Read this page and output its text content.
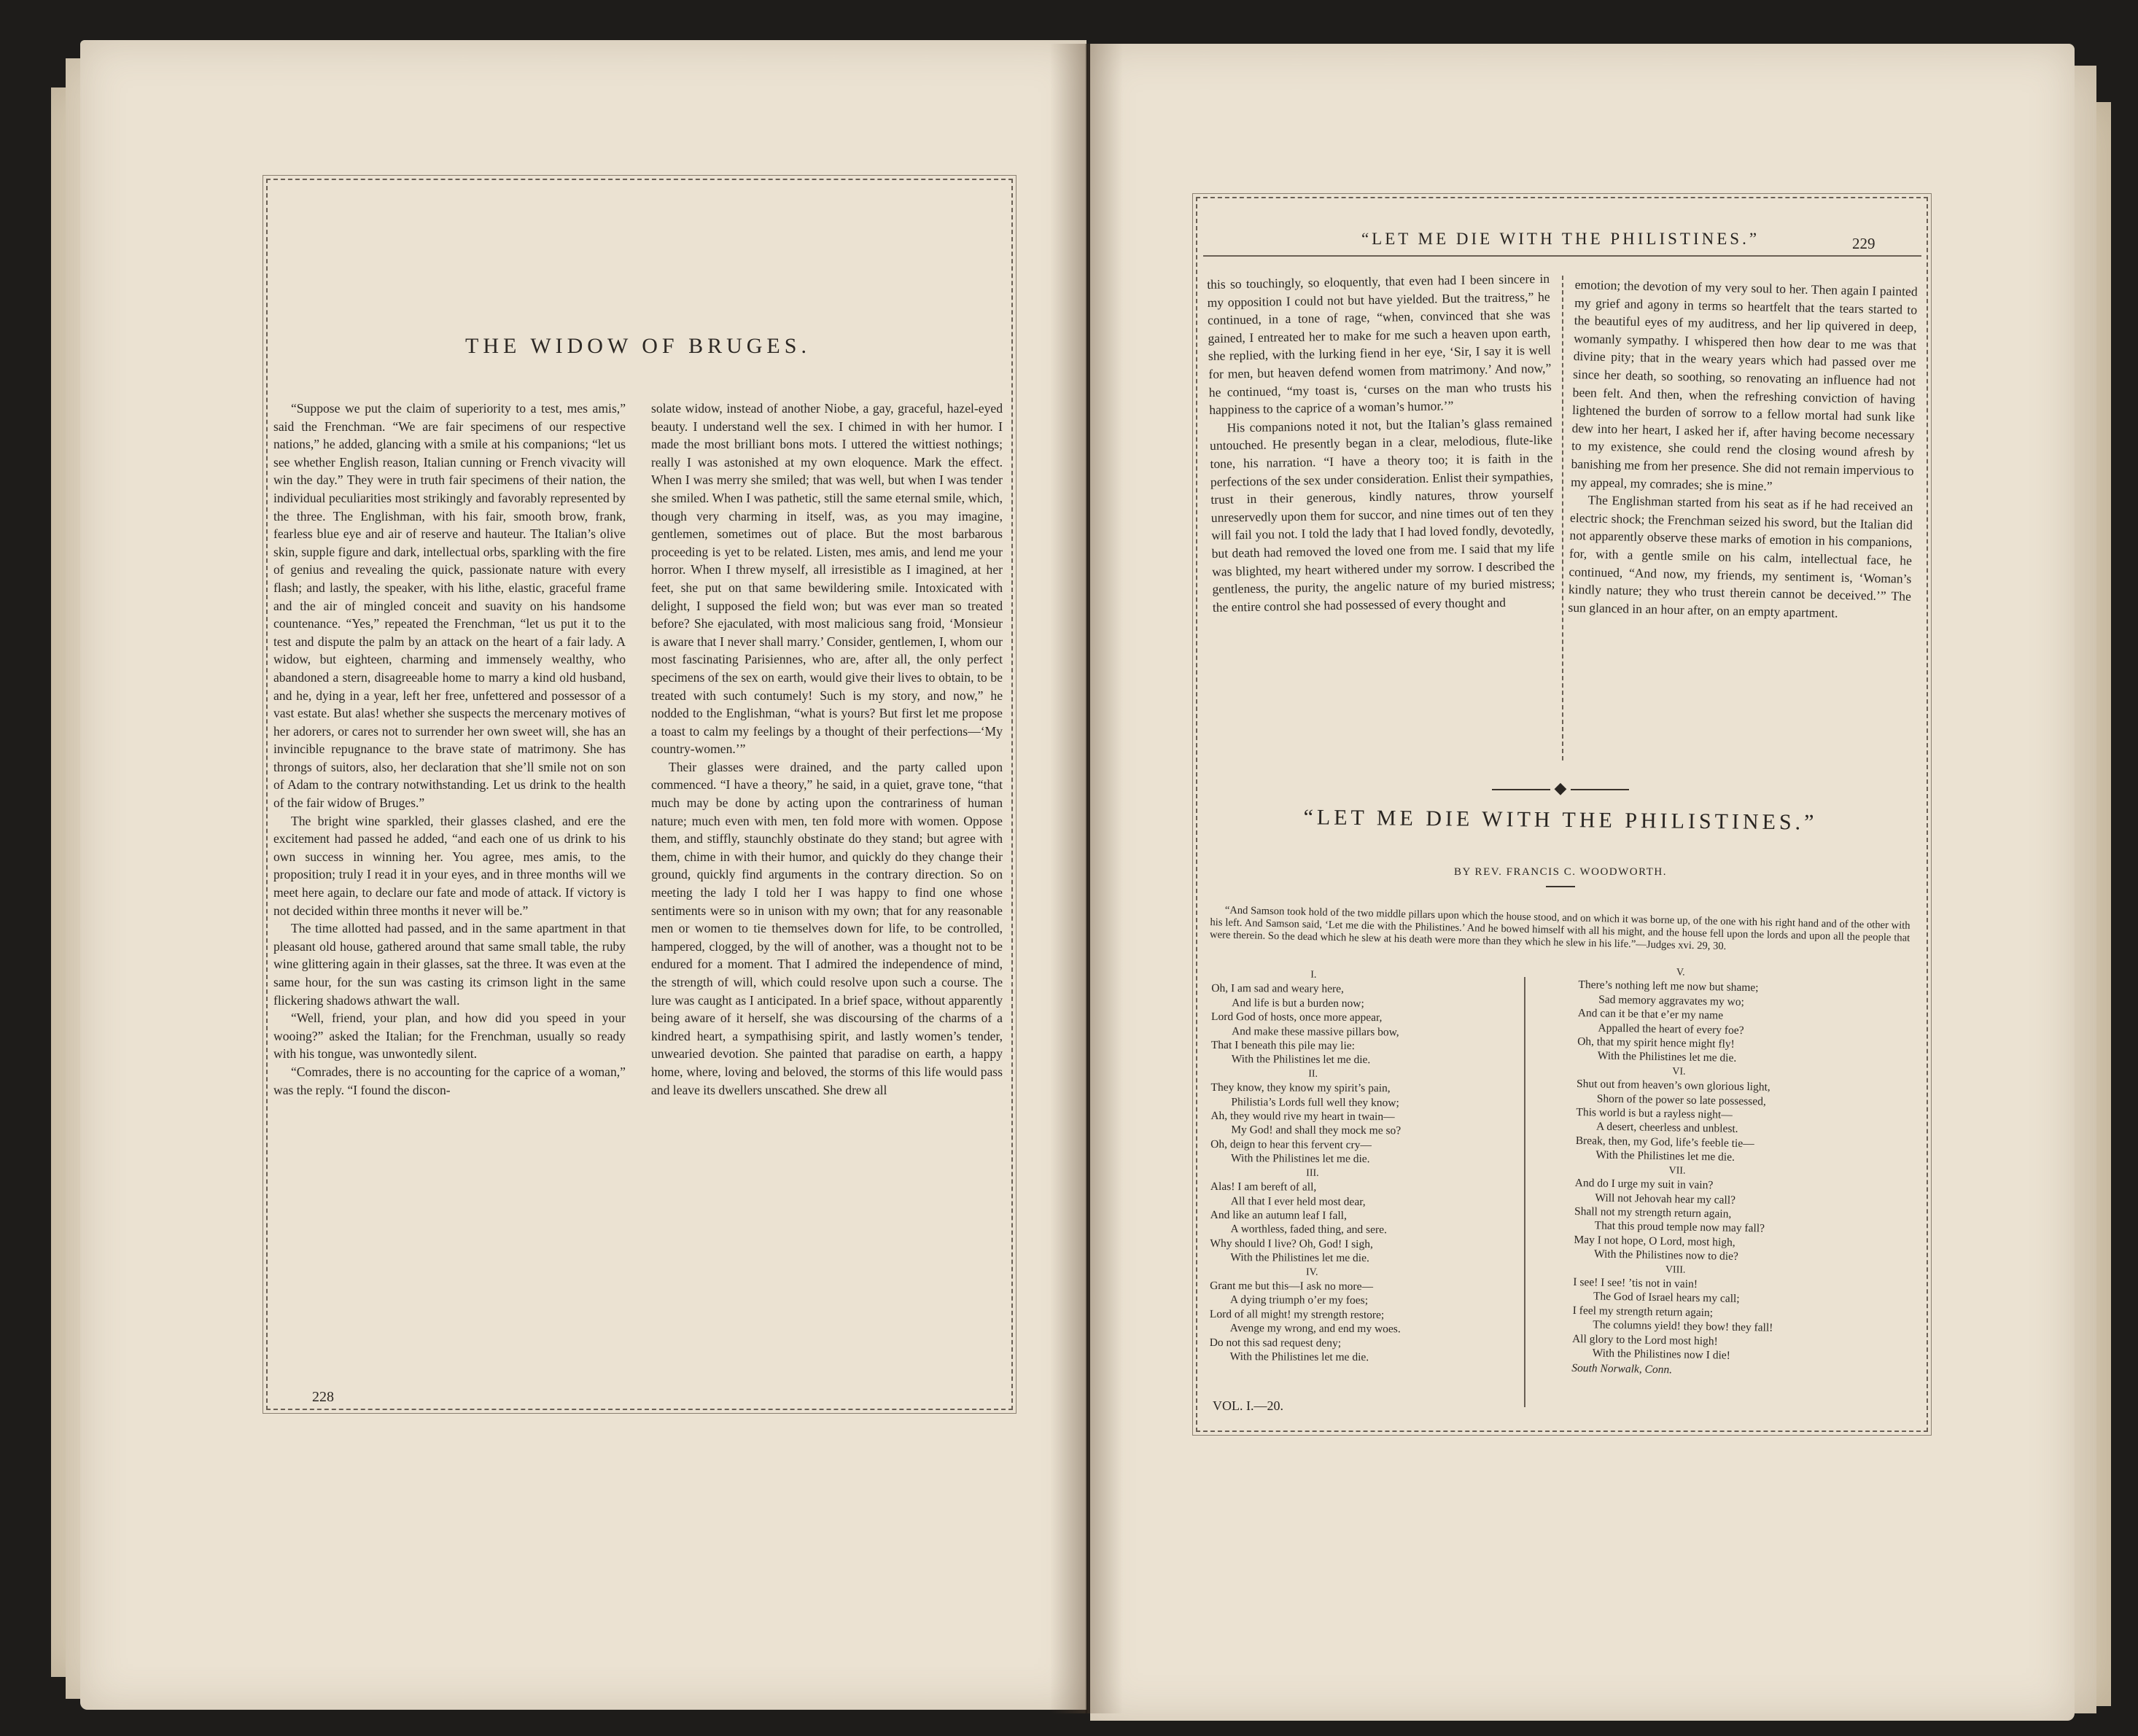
THE WIDOW OF BRUGES.

“Suppose we put the claim of superiority to a test, mes amis,” said the Frenchman. “We are fair specimens of our respective nations,” he added, glancing with a smile at his companions; “let us see whether English reason, Italian cunning or French vivacity will win the day.” They were in truth fair specimens of their nation, the individual peculiarities most strikingly and favorably represented by the three. The Englishman, with his fair, smooth brow, frank, fearless blue eye and air of reserve and hauteur. The Italian’s olive skin, supple figure and dark, intellectual orbs, sparkling with the fire of genius and revealing the quick, passionate nature with every flash; and lastly, the speaker, with his lithe, elastic, graceful frame and the air of mingled conceit and suavity on his handsome countenance. “Yes,” repeated the Frenchman, “let us put it to the test and dispute the palm by an attack on the heart of a fair lady. A widow, but eighteen, charming and immensely wealthy, who abandoned a stern, disagreeable home to marry a kind old husband, and he, dying in a year, left her free, unfettered and possessor of a vast estate. But alas! whether she suspects the mercenary motives of her adorers, or cares not to surrender her own sweet will, she has an invincible repugnance to the brave state of matrimony. She has throngs of suitors, also, her declaration that she’ll smile not on son of Adam to the contrary notwithstanding. Let us drink to the health of the fair widow of Bruges.”

The bright wine sparkled, their glasses clashed, and ere the excitement had passed he added, “and each one of us drink to his own success in winning her. You agree, mes amis, to the proposition; truly I read it in your eyes, and in three months will we meet here again, to declare our fate and mode of attack. If victory is not decided within three months it never will be.”

The time allotted had passed, and in the same apartment in that pleasant old house, gathered around that same small table, the ruby wine glittering again in their glasses, sat the three. It was even at the same hour, for the sun was casting its crimson light in the same flickering shadows athwart the wall.

“Well, friend, your plan, and how did you speed in your wooing?” asked the Italian; for the Frenchman, usually so ready with his tongue, was unwontedly silent.

“Comrades, there is no accounting for the caprice of a woman,” was the reply. “I found the discon-

solate widow, instead of another Niobe, a gay, graceful, hazel-eyed beauty. I understand well the sex. I chimed in with her humor. I made the most brilliant bons mots. I uttered the wittiest nothings; really I was astonished at my own eloquence. Mark the effect. When I was merry she smiled; that was well, but when I was tender she smiled. When I was pathetic, still the same eternal smile, which, though very charming in itself, was, as you may imagine, gentlemen, sometimes out of place. But the most barbarous proceeding is yet to be related. Listen, mes amis, and lend me your horror. When I threw myself, all irresistible as I imagined, at her feet, she put on that same bewildering smile. Intoxicated with delight, I supposed the field won; but was ever man so treated before? She ejaculated, with most malicious sang froid, ‘Monsieur is aware that I never shall marry.’ Consider, gentlemen, I, whom our most fascinating Parisiennes, who are, after all, the only perfect specimens of the sex on earth, would give their lives to obtain, to be treated with such contumely! Such is my story, and now,” he nodded to the Englishman, “what is yours? But first let me propose a toast to calm my feelings by a thought of their perfections—‘My country-women.’”

Their glasses were drained, and the party called upon commenced. “I have a theory,” he said, in a quiet, grave tone, “that much may be done by acting upon the contrariness of human nature; much even with men, ten fold more with women. Oppose them, and stiffly, staunchly obstinate do they stand; but agree with them, chime in with their humor, and quickly do they change their ground, quickly find arguments in the contrary direction. So on meeting the lady I told her I was happy to find one whose sentiments were so in unison with my own; that for any reasonable men or women to tie themselves down for life, to be controlled, hampered, clogged, by the will of another, was a thought not to be endured for a moment. That I admired the independence of mind, the strength of will, which could resolve upon such a course. The lure was caught as I anticipated. In a brief space, without apparently being aware of it herself, she was discoursing of the charms of a kindred heart, a sympathising spirit, and lastly women’s tender, unwearied devotion. She painted that paradise on earth, a happy home, where, loving and beloved, the storms of this life would pass and leave its dwellers unscathed. She drew all

228
“LET ME DIE WITH THE PHILISTINES.”	229

this so touchingly, so eloquently, that even had I been sincere in my opposition I could not but have yielded. But the traitress,” he continued, in a tone of rage, “when, convinced that she was gained, I entreated her to make for me such a heaven upon earth, she replied, with the lurking fiend in her eye, ‘Sir, I say it is well for men, but heaven defend women from matrimony.’ And now,” he continued, “my toast is, ‘curses on the man who trusts his happiness to the caprice of a woman’s humor.’”

His companions noted it not, but the Italian’s glass remained untouched. He presently began in a clear, melodious, flute-like tone, his narration. “I have a theory too; it is faith in the perfections of the sex under consideration. Enlist their sympathies, trust in their generous, kindly natures, throw yourself unreservedly upon them for succor, and nine times out of ten they will fail you not. I told the lady that I had loved fondly, devotedly, but death had removed the loved one from me. I said that my life was blighted, my heart withered under my sorrow. I described the gentleness, the purity, the angelic nature of my buried mistress; the entire control she had possessed of every thought and

emotion; the devotion of my very soul to her. Then again I painted my grief and agony in terms so heartfelt that the tears started to the beautiful eyes of my auditress, and her lip quivered in deep, womanly sympathy. I whispered then how dear to me was that divine pity; that in the weary years which had passed over me since her death, so soothing, so renovating an influence had not been felt. And then, when the refreshing conviction of having lightened the burden of sorrow to a fellow mortal had sunk like dew into her heart, I asked her if, after having become necessary to my existence, she could rend the closing wound afresh by banishing me from her presence. She did not remain impervious to my appeal, my comrades; she is mine.”

The Englishman started from his seat as if he had received an electric shock; the Frenchman seized his sword, but the Italian did not apparently observe these marks of emotion in his companions, for, with a gentle smile on his calm, intellectual face, he continued, “And now, my friends, my sentiment is, ‘Woman’s kindly nature; they who trust therein cannot be deceived.’” The sun glanced in an hour after, on an empty apartment.

◆
“LET ME DIE WITH THE PHILISTINES.”
BY REV. FRANCIS C. WOODWORTH.
“And Samson took hold of the two middle pillars upon which the house stood, and on which it was borne up, of the one with his right hand and of the other with his left. And Samson said, ‘Let me die with the Philistines.’ And he bowed himself with all his might, and the house fell upon the lords and upon all the people that were therein. So the dead which he slew at his death were more than they which he slew in his life.”—Judges xvi. 29, 30.
I.
Oh, I am sad and weary here,
And life is but a burden now;
Lord God of hosts, once more appear,
And make these massive pillars bow,
That I beneath this pile may lie:
With the Philistines let me die.
II.
They know, they know my spirit’s pain,
Philistia’s Lords full well they know;
Ah, they would rive my heart in twain—
My God! and shall they mock me so?
Oh, deign to hear this fervent cry—
With the Philistines let me die.
III.
Alas! I am bereft of all,
All that I ever held most dear,
And like an autumn leaf I fall,
A worthless, faded thing, and sere.
Why should I live? Oh, God! I sigh,
With the Philistines let me die.
IV.
Grant me but this—I ask no more—
A dying triumph o’er my foes;
Lord of all might! my strength restore;
Avenge my wrong, and end my woes.
Do not this sad request deny;
With the Philistines let me die.
V.
There’s nothing left me now but shame;
Sad memory aggravates my wo;
And can it be that e’er my name
Appalled the heart of every foe?
Oh, that my spirit hence might fly!
With the Philistines let me die.
VI.
Shut out from heaven’s own glorious light,
Shorn of the power so late possessed,
This world is but a rayless night—
A desert, cheerless and unblest.
Break, then, my God, life’s feeble tie—
With the Philistines let me die.
VII.
And do I urge my suit in vain?
Will not Jehovah hear my call?
Shall not my strength return again,
That this proud temple now may fall?
May I not hope, O Lord, most high,
With the Philistines now to die?
VIII.
I see! I see! ’tis not in vain!
The God of Israel hears my call;
I feel my strength return again;
The columns yield! they bow! they fall!
All glory to the Lord most high!
With the Philistines now I die!
South Norwalk, Conn.
VOL. I.—20.
